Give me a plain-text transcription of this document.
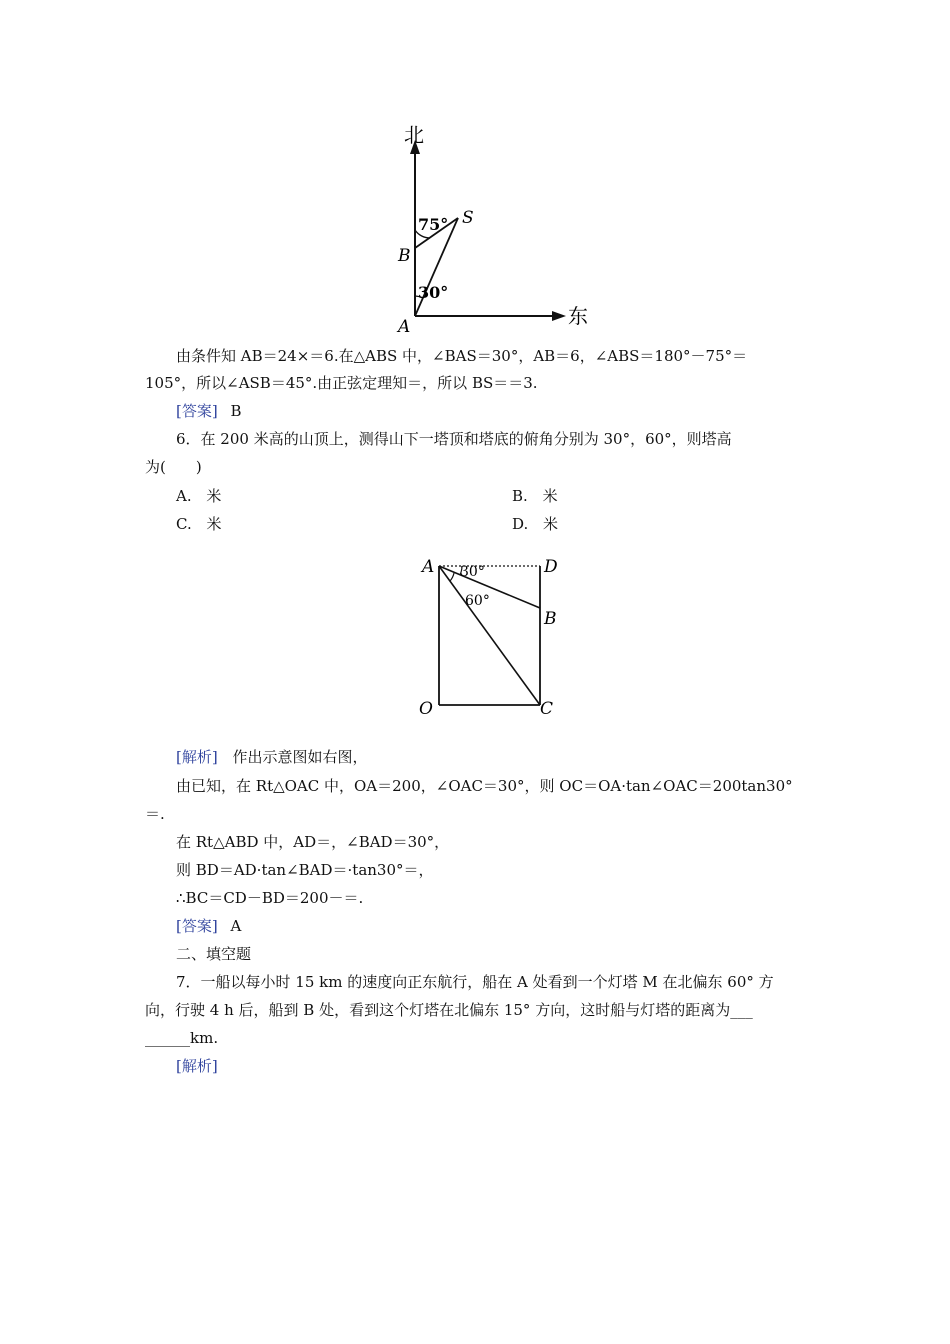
北
东
S
B
A
75°
30°
由条件知 AB＝24×＝6.在△ABS 中，∠BAS＝30°，AB＝6，∠ABS＝180°－75°＝
105°，所以∠ASB＝45°.由正弦定理知＝，所以 BS＝＝3.
[答案] B
6．在 200 米高的山顶上，测得山下一塔顶和塔底的俯角分别为 30°，60°，则塔高
为(　　)
A. 米	B. 米
C. 米	D. 米
A	D
B
O	C
30°
60°
[解析] 作出示意图如右图，
由已知，在 Rt△OAC 中，OA＝200，∠OAC＝30°，则 OC＝OA·tan∠OAC＝200tan30°
＝.
在 Rt△ABD 中，AD＝，∠BAD＝30°，
则 BD＝AD·tan∠BAD＝·tan30°＝，
∴BC＝CD－BD＝200－＝.
[答案] A
二、填空题
7．一船以每小时 15 km 的速度向正东航行，船在 A 处看到一个灯塔 M 在北偏东 60° 方
向，行驶 4 h 后，船到 B 处，看到这个灯塔在北偏东 15° 方向，这时船与灯塔的距离为___
______km.
[解析]
